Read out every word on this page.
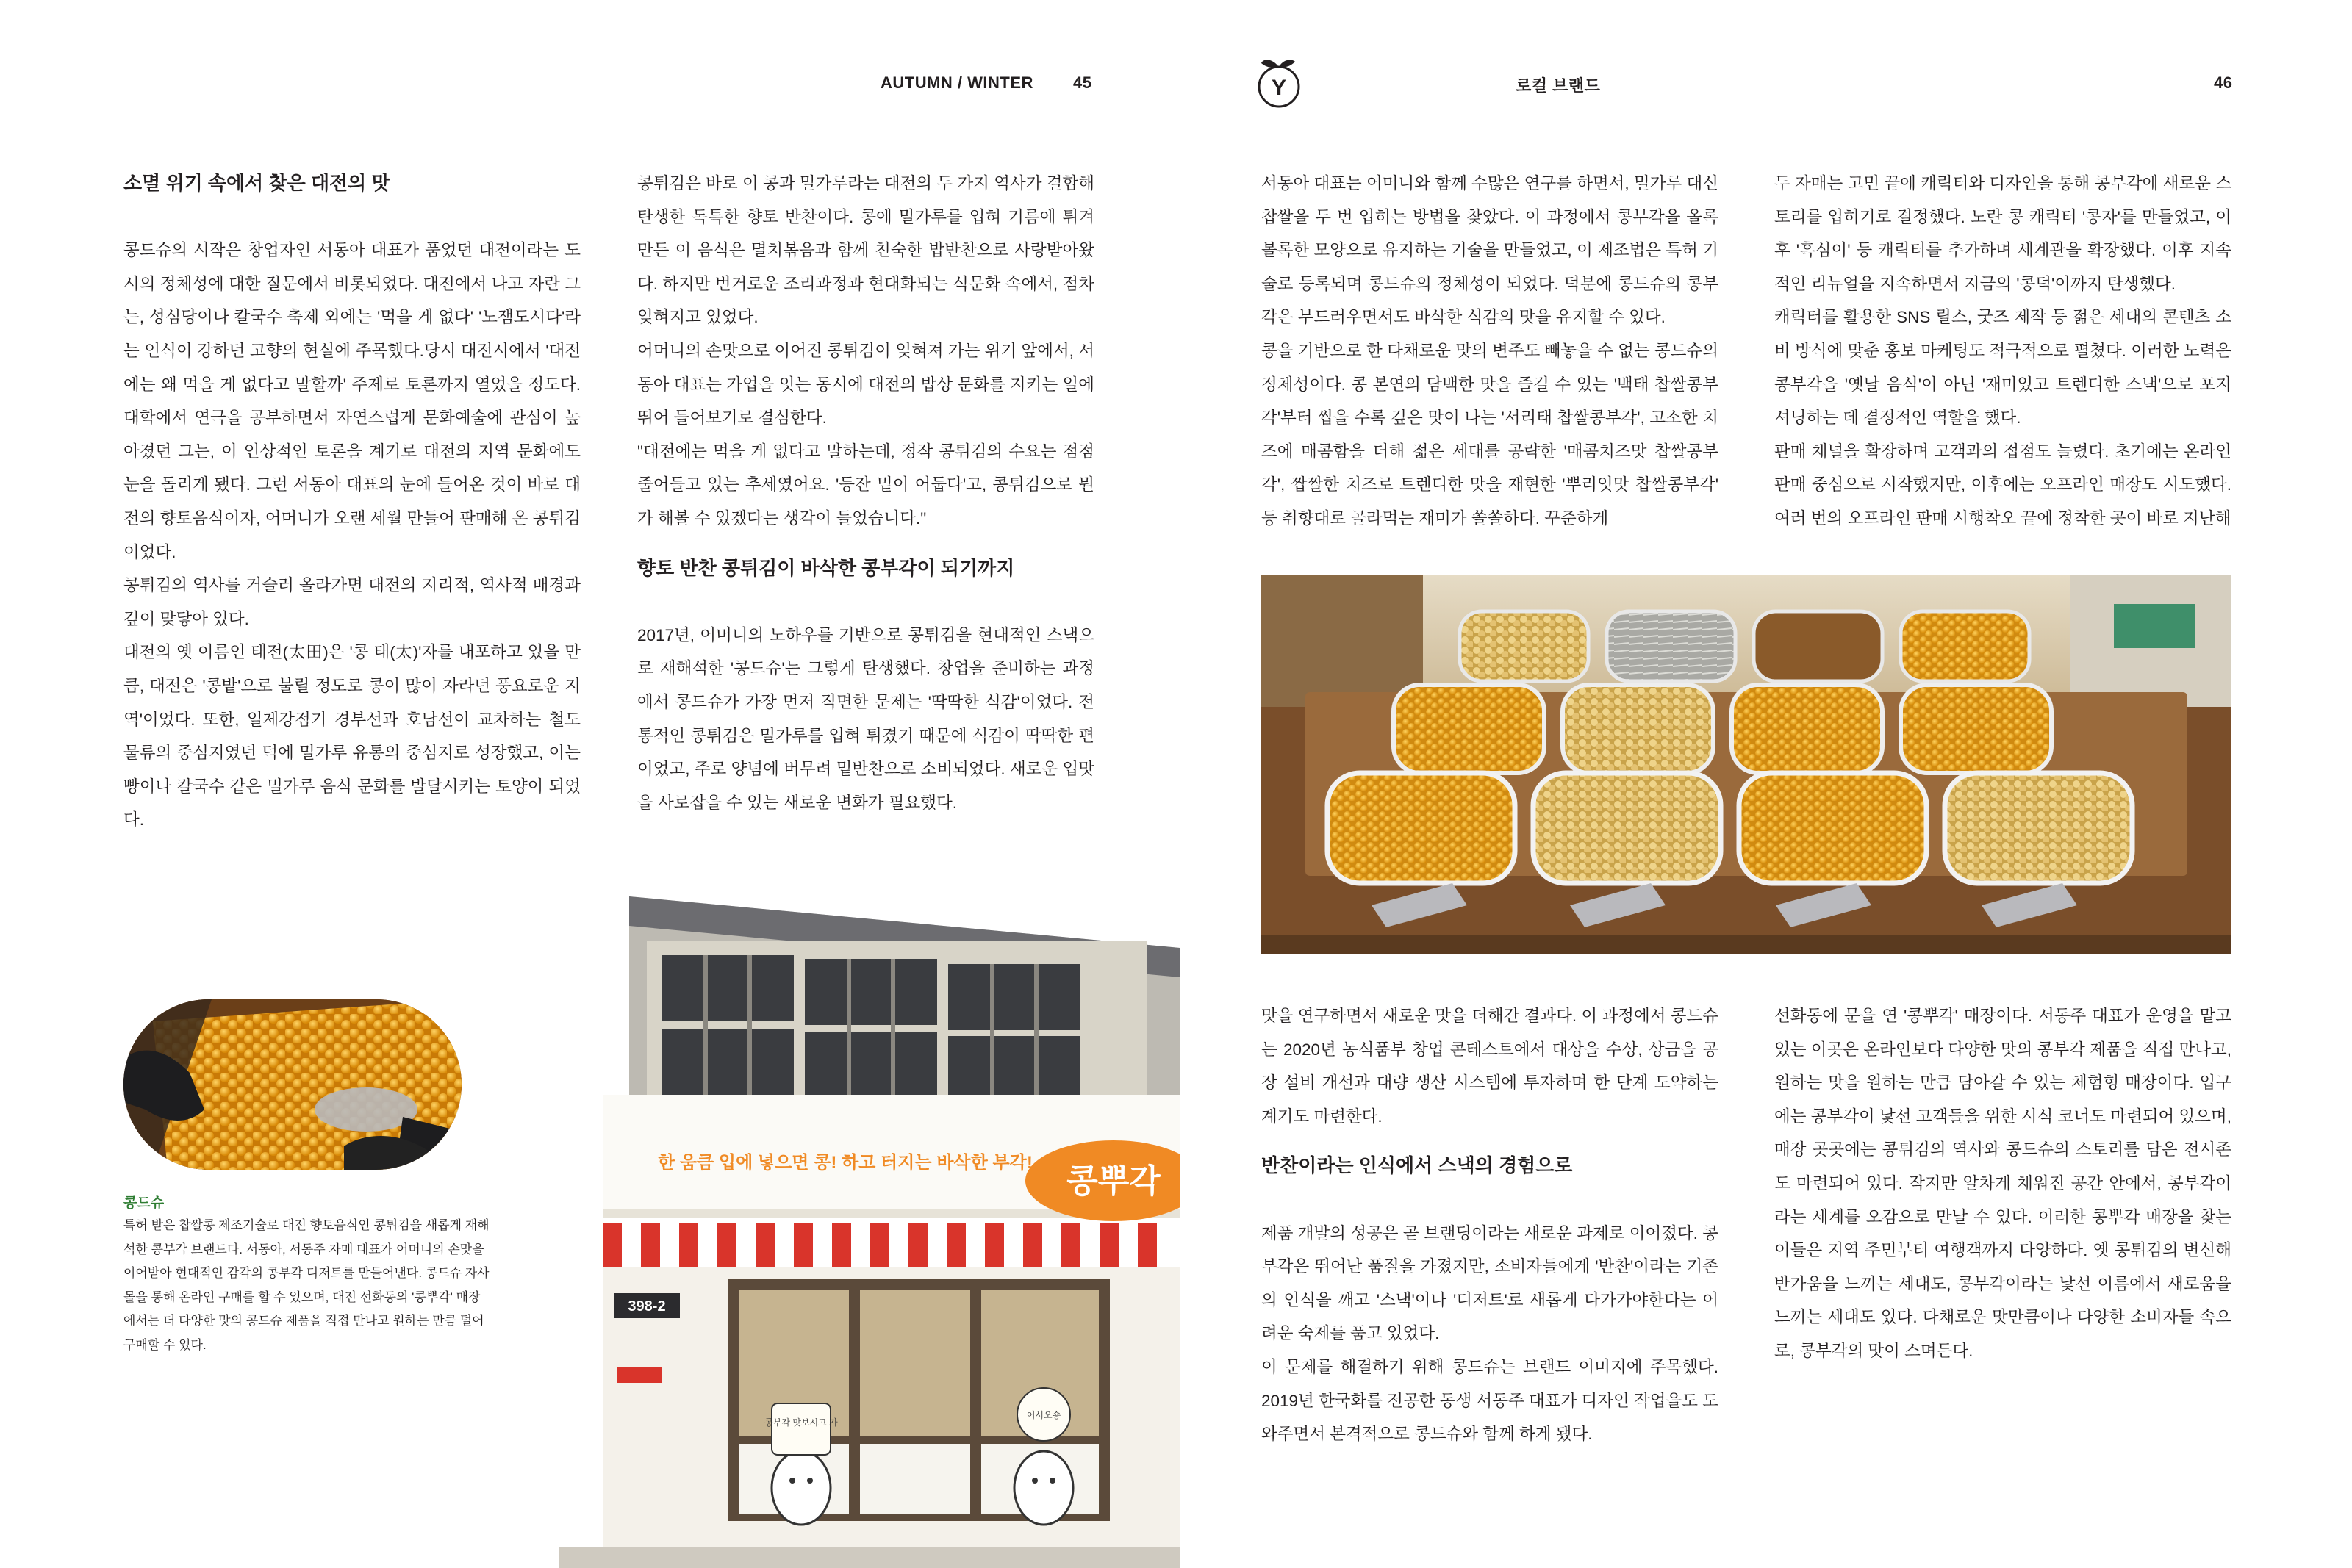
AUTUMN / WINTER 45	Y	로컬 브랜드	46
소멸 위기 속에서 찾은 대전의 맛

콩드슈의 시작은 창업자인 서동아 대표가 품었던 대전이라는 도시의 정체성에 대한 질문에서 비롯되었다. 대전에서 나고 자란 그는, 성심당이나 칼국수 축제 외에는 '먹을 게 없다' '노잼도시다'라는 인식이 강하던 고향의 현실에 주목했다.당시 대전시에서 '대전에는 왜 먹을 게 없다고 말할까' 주제로 토론까지 열었을 정도다. 대학에서 연극을 공부하면서 자연스럽게 문화예술에 관심이 높아졌던 그는, 이 인상적인 토론을 계기로 대전의 지역 문화에도 눈을 돌리게 됐다. 그런 서동아 대표의 눈에 들어온 것이 바로 대전의 향토음식이자, 어머니가 오랜 세월 만들어 판매해 온 콩튀김이었다.

콩튀김의 역사를 거슬러 올라가면 대전의 지리적, 역사적 배경과 깊이 맞닿아 있다.

대전의 옛 이름인 태전(太田)은 '콩 태(太)'자를 내포하고 있을 만큼, 대전은 '콩밭'으로 불릴 정도로 콩이 많이 자라던 풍요로운 지역'이었다. 또한, 일제강점기 경부선과 호남선이 교차하는 철도 물류의 중심지였던 덕에 밀가루 유통의 중심지로 성장했고, 이는 빵이나 칼국수 같은 밀가루 음식 문화를 발달시키는 토양이 되었다.

콩튀김은 바로 이 콩과 밀가루라는 대전의 두 가지 역사가 결합해 탄생한 독특한 향토 반찬이다. 콩에 밀가루를 입혀 기름에 튀겨 만든 이 음식은 멸치볶음과 함께 친숙한 밥반찬으로 사랑받아왔다. 하지만 번거로운 조리과정과 현대화되는 식문화 속에서, 점차 잊혀지고 있었다.

어머니의 손맛으로 이어진 콩튀김이 잊혀져 가는 위기 앞에서, 서동아 대표는 가업을 잇는 동시에 대전의 밥상 문화를 지키는 일에 뛰어 들어보기로 결심한다.

"대전에는 먹을 게 없다고 말하는데, 정작 콩튀김의 수요는 점점 줄어들고 있는 추세였어요. '등잔 밑이 어둡다'고, 콩튀김으로 뭔가 해볼 수 있겠다는 생각이 들었습니다."

향토 반찬 콩튀김이 바삭한 콩부각이 되기까지

2017년, 어머니의 노하우를 기반으로 콩튀김을 현대적인 스낵으로 재해석한 '콩드슈'는 그렇게 탄생했다. 창업을 준비하는 과정에서 콩드슈가 가장 먼저 직면한 문제는 '딱딱한 식감'이었다. 전통적인 콩튀김은 밀가루를 입혀 튀겼기 때문에 식감이 딱딱한 편이었고, 주로 양념에 버무려 밑반찬으로 소비되었다. 새로운 입맛을 사로잡을 수 있는 새로운 변화가 필요했다.

콩드슈
특허 받은 찹쌀콩 제조기술로 대전 향토음식인 콩튀김을 새롭게 재해석한 콩부각 브랜드다. 서동아, 서동주 자매 대표가 어머니의 손맛을 이어받아 현대적인 감각의 콩부각 디저트를 만들어낸다. 콩드슈 자사몰을 통해 온라인 구매를 할 수 있으며, 대전 선화동의 '콩뿌각' 매장에서는 더 다양한 맛의 콩드슈 제품을 직접 만나고 원하는 만큼 덜어 구매할 수 있다.
한 움큼 입에 넣으면 콩! 하고 터지는 바삭한 부각!
콩뿌각
398-2
콩부각 맛보시고 가
어서오숑

서동아 대표는 어머니와 함께 수많은 연구를 하면서, 밀가루 대신 찹쌀을 두 번 입히는 방법을 찾았다. 이 과정에서 콩부각을 올록볼록한 모양으로 유지하는 기술을 만들었고, 이 제조법은 특허 기술로 등록되며 콩드슈의 정체성이 되었다. 덕분에 콩드슈의 콩부각은 부드러우면서도 바삭한 식감의 맛을 유지할 수 있다.

콩을 기반으로 한 다채로운 맛의 변주도 빼놓을 수 없는 콩드슈의 정체성이다. 콩 본연의 담백한 맛을 즐길 수 있는 '백태 찹쌀콩부각'부터 씹을 수록 깊은 맛이 나는 '서리태 찹쌀콩부각', 고소한 치즈에 매콤함을 더해 젊은 세대를 공략한 '매콤치즈맛 찹쌀콩부각', 짭짤한 치즈로 트렌디한 맛을 재현한 '뿌리잇맛 찹쌀콩부각' 등 취향대로 골라먹는 재미가 쏠쏠하다. 꾸준하게

두 자매는 고민 끝에 캐릭터와 디자인을 통해 콩부각에 새로운 스토리를 입히기로 결정했다. 노란 콩 캐릭터 '콩자'를 만들었고, 이후 '흑심이' 등 캐릭터를 추가하며 세계관을 확장했다. 이후 지속적인 리뉴얼을 지속하면서 지금의 '콩덕'이까지 탄생했다.

캐릭터를 활용한 SNS 릴스, 굿즈 제작 등 젊은 세대의 콘텐츠 소비 방식에 맞춘 홍보 마케팅도 적극적으로 펼쳤다. 이러한 노력은 콩부각을 '옛날 음식'이 아닌 '재미있고 트렌디한 스낵'으로 포지셔닝하는 데 결정적인 역할을 했다.

판매 채널을 확장하며 고객과의 접점도 늘렸다. 초기에는 온라인 판매 중심으로 시작했지만, 이후에는 오프라인 매장도 시도했다. 여러 번의 오프라인 판매 시행착오 끝에 정착한 곳이 바로 지난해

맛을 연구하면서 새로운 맛을 더해간 결과다. 이 과정에서 콩드슈는 2020년 농식품부 창업 콘테스트에서 대상을 수상, 상금을 공장 설비 개선과 대량 생산 시스템에 투자하며 한 단계 도약하는 계기도 마련한다.

반찬이라는 인식에서 스낵의 경험으로

제품 개발의 성공은 곧 브랜딩이라는 새로운 과제로 이어졌다. 콩부각은 뛰어난 품질을 가졌지만, 소비자들에게 '반찬'이라는 기존의 인식을 깨고 '스낵'이나 '디저트'로 새롭게 다가가야한다는 어려운 숙제를 품고 있었다.

이 문제를 해결하기 위해 콩드슈는 브랜드 이미지에 주목했다. 2019년 한국화를 전공한 동생 서동주 대표가 디자인 작업을도 도와주면서 본격적으로 콩드슈와 함께 하게 됐다.

선화동에 문을 연 '콩뿌각' 매장이다. 서동주 대표가 운영을 맡고 있는 이곳은 온라인보다 다양한 맛의 콩부각 제품을 직접 만나고, 원하는 맛을 원하는 만큼 담아갈 수 있는 체험형 매장이다. 입구에는 콩부각이 낯선 고객들을 위한 시식 코너도 마련되어 있으며, 매장 곳곳에는 콩튀김의 역사와 콩드슈의 스토리를 담은 전시존도 마련되어 있다. 작지만 알차게 채워진 공간 안에서, 콩부각이라는 세계를 오감으로 만날 수 있다. 이러한 콩뿌각 매장을 찾는 이들은 지역 주민부터 여행객까지 다양하다. 옛 콩튀김의 변신해 반가움을 느끼는 세대도, 콩부각이라는 낯선 이름에서 새로움을 느끼는 세대도 있다. 다채로운 맛만큼이나 다양한 소비자들 속으로, 콩부각의 맛이 스며든다.
